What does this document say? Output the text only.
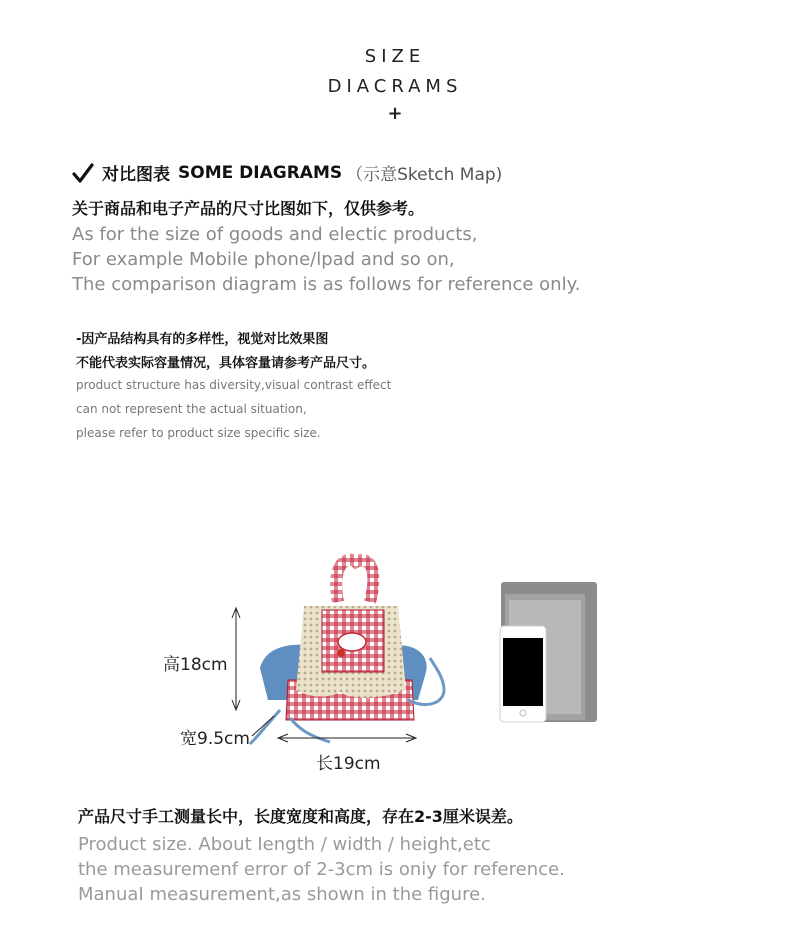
SIZE
DIACRAMS
+
对比图表 SOME DIAGRAMS （示意Sketch Map)
关于商品和电子产品的尺寸比图如下，仅供参考。
As for the size of goods and electic products,
For example Mobile phone/lpad and so on,
The comparison diagram is as follows for reference only.
-因产品结构具有的多样性，视觉对比效果图
不能代表实际容量情况，具体容量请参考产品尺寸。
product structure has diversity,visual contrast effect
can not represent the actual situation,
please refer to product size specific size.
高18cm
宽9.5cm
长19cm
产品尺寸手工测量长中，长度宽度和高度，存在2-3厘米误差。
Product size. About Iength / width / height,etc
the measuremenf error of 2-3cm is oniy for reference.
ManuaI measurement,as shown in the figure.
